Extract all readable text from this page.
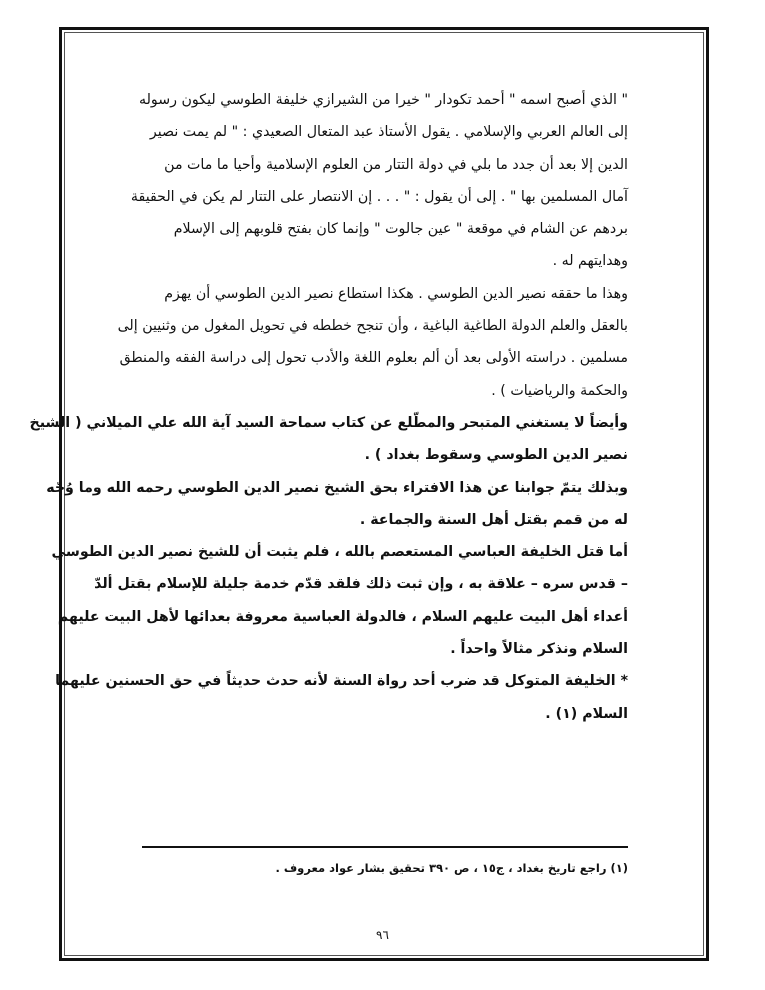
" الذي أصبح اسمه " أحمد تكودار " خيرا من الشيرازي خليفة الطوسي ليكون رسوله
إلى العالم العربي والإسلامي . يقول الأستاذ عبد المتعال الصعيدي : " لم يمت نصير
الدين إلا بعد أن جدد ما بلي في دولة التتار من العلوم الإسلامية وأحيا ما مات من
آمال المسلمين بها " . إلى أن يقول : " . . . إن الانتصار على التتار لم يكن في الحقيقة
بردهم عن الشام في موقعة " عين جالوت " وإنما كان بفتح قلوبهم إلى الإسلام
وهدايتهم له .
وهذا ما حققه نصير الدين الطوسي . هكذا استطاع نصير الدين الطوسي أن يهزم
بالعقل والعلم الدولة الطاغية الباغية ، وأن تنجح خططه في تحويل المغول من وثنيين إلى
مسلمين . دراسته الأولى بعد أن ألم بعلوم اللغة والأدب تحول إلى دراسة الفقه والمنطق
والحكمة والرياضيات ) .
وأيضاً لا يستغني المتبحر والمطّلع عن كتاب سماحة السيد آية الله علي الميلاني ( الشيخ
نصير الدين الطوسي وسقوط بغداد ) .
وبذلك يتمّ جوابنا عن هذا الافتراء بحق الشيخ نصير الدين الطوسي رحمه الله وما وُجّه
له من قمم بقتل أهل السنة والجماعة .
أما قتل الخليفة العباسي المستعصم بالله ، فلم يثبت أن للشيخ نصير الدين الطوسي
– قدس سره – علاقة به ، وإن ثبت ذلك فلقد قدّم خدمة جليلة للإسلام بقتل ألدّ
أعداء أهل البيت عليهم السلام ، فالدولة العباسية معروفة بعدائها لأهل البيت عليهم
السلام ونذكر مثالاً واحداً .
* الخليفة المتوكل قد ضرب أحد رواة السنة لأنه حدث حديثاً في حق الحسنين عليهما
السلام (١) .
(١) راجع تاريخ بغداد ، ج١٥ ، ص ٣٩٠ تحقيق بشار عواد معروف .
٩٦
